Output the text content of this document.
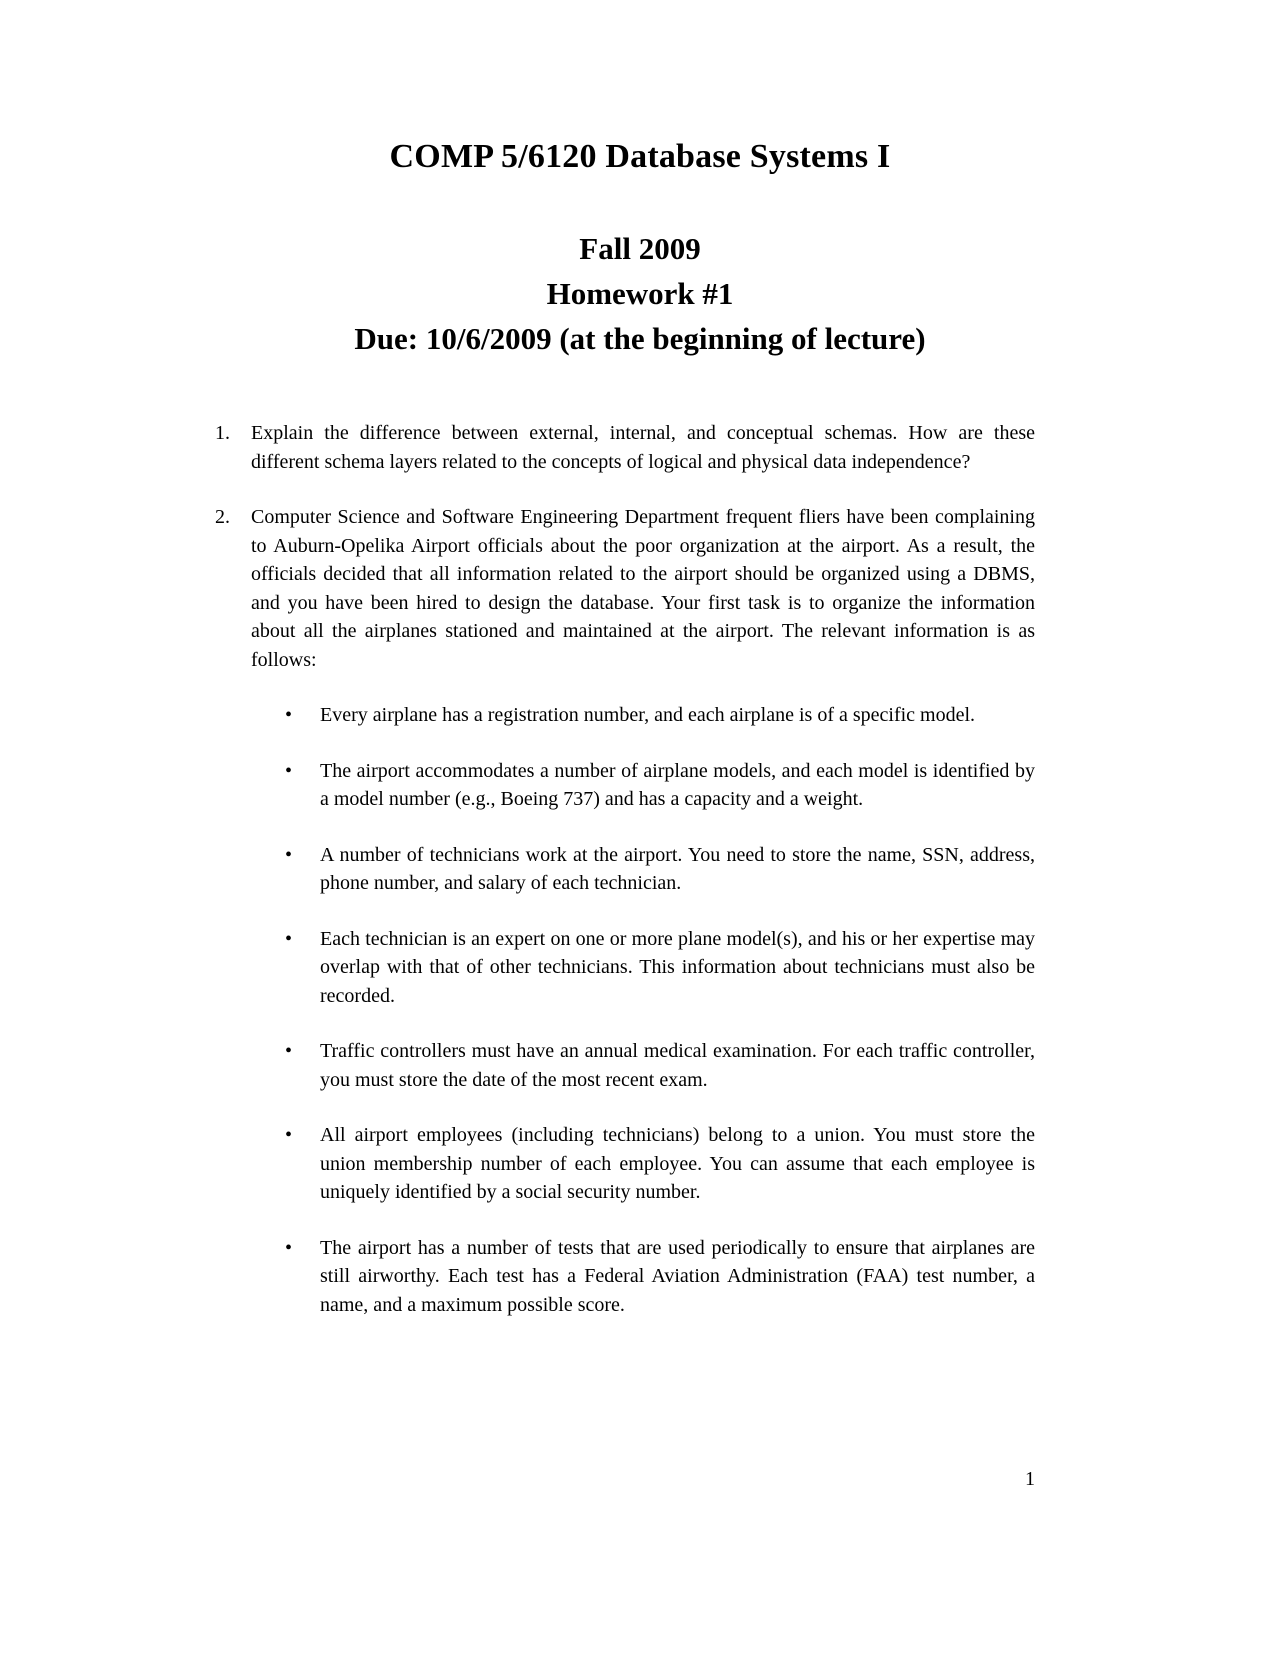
COMP 5/6120 Database Systems I
Fall 2009
Homework #1
Due: 10/6/2009 (at the beginning of lecture)
1.	Explain the difference between external, internal, and conceptual schemas. How are these different schema layers related to the concepts of logical and physical data independence?
2.	Computer Science and Software Engineering Department frequent fliers have been complaining to Auburn-Opelika Airport officials about the poor organization at the airport. As a result, the officials decided that all information related to the airport should be organized using a DBMS, and you have been hired to design the database. Your first task is to organize the information about all the airplanes stationed and maintained at the airport. The relevant information is as follows:
•	Every airplane has a registration number, and each airplane is of a specific model.
•	The airport accommodates a number of airplane models, and each model is identified by a model number (e.g., Boeing 737) and has a capacity and a weight.
•	A number of technicians work at the airport. You need to store the name, SSN, address, phone number, and salary of each technician.
•	Each technician is an expert on one or more plane model(s), and his or her expertise may overlap with that of other technicians. This information about technicians must also be recorded.
•	Traffic controllers must have an annual medical examination. For each traffic controller, you must store the date of the most recent exam.
•	All airport employees (including technicians) belong to a union. You must store the union membership number of each employee. You can assume that each employee is uniquely identified by a social security number.
•	The airport has a number of tests that are used periodically to ensure that airplanes are still airworthy. Each test has a Federal Aviation Administration (FAA) test number, a name, and a maximum possible score.
1
